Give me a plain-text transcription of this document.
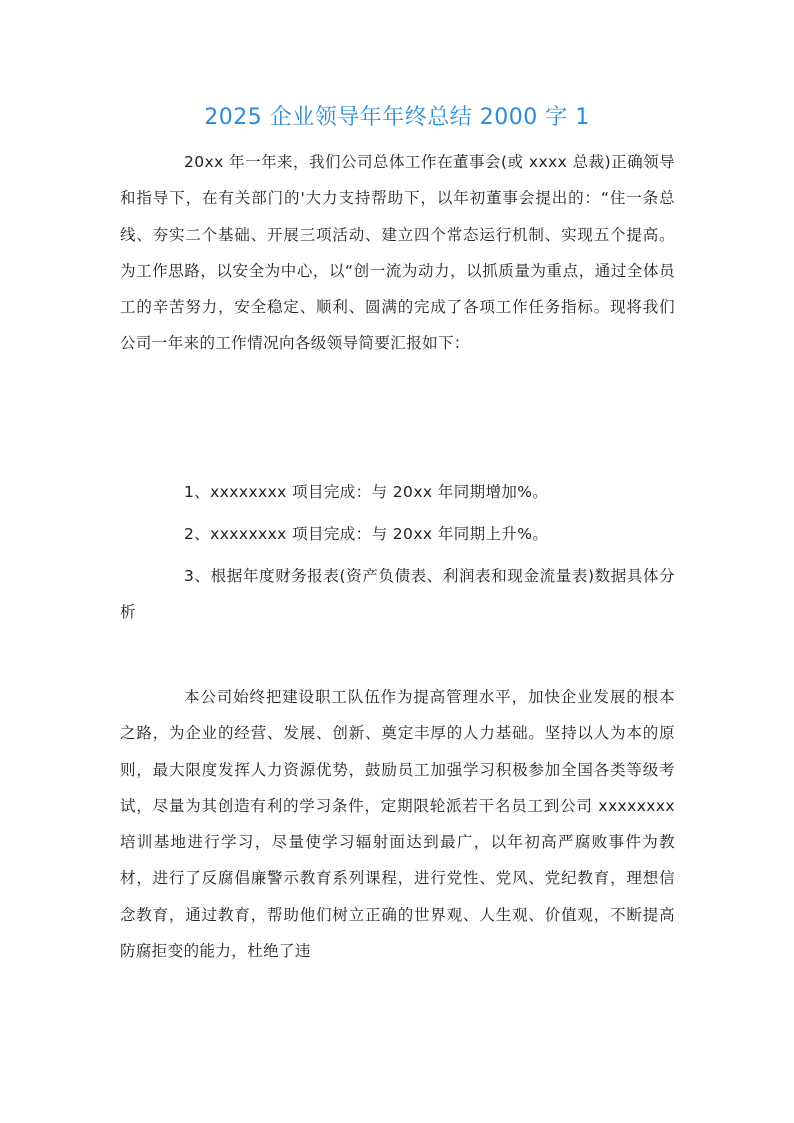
2025 企业领导年年终总结 2000 字 1

20xx 年一年来，我们公司总体工作在董事会(或 xxxx 总裁)正确领导和指导下，在有关部门的'大力支持帮助下，以年初董事会提出的：“住一条总线、夯实二个基础、开展三项活动、建立四个常态运行机制、实现五个提高。为工作思路，以安全为中心，以“创一流为动力，以抓质量为重点，通过全体员工的辛苦努力，安全稳定、顺利、圆满的完成了各项工作任务指标。现将我们公司一年来的工作情况向各级领导简要汇报如下：

1、xxxxxxxx 项目完成：与 20xx 年同期增加%。

2、xxxxxxxx 项目完成：与 20xx 年同期上升%。

3、根据年度财务报表(资产负债表、利润表和现金流量表)数据具体分析

本公司始终把建设职工队伍作为提高管理水平，加快企业发展的根本之路，为企业的经营、发展、创新、奠定丰厚的人力基础。坚持以人为本的原则，最大限度发挥人力资源优势，鼓励员工加强学习积极参加全国各类等级考试，尽量为其创造有利的学习条件，定期限轮派若干名员工到公司 xxxxxxxx 培训基地进行学习，尽量使学习辐射面达到最广，以年初高严腐败事件为教材，进行了反腐倡廉警示教育系列课程，进行党性、党风、党纪教育，理想信念教育，通过教育，帮助他们树立正确的世界观、人生观、价值观，不断提高防腐拒变的能力，杜绝了违
